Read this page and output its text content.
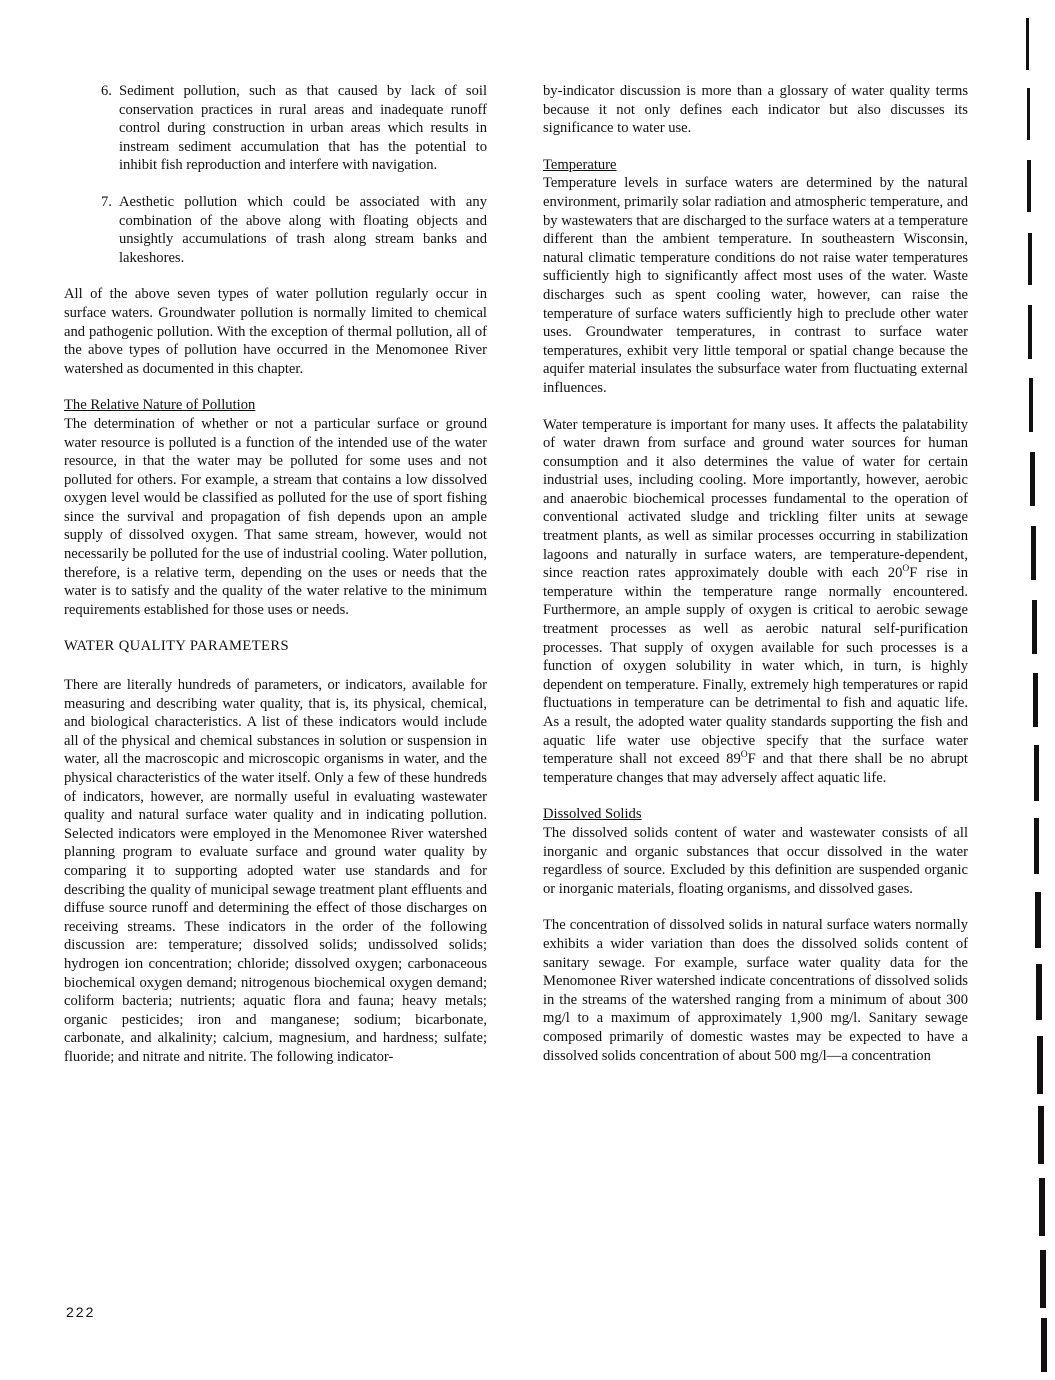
6. Sediment pollution, such as that caused by lack of soil conservation practices in rural areas and inadequate runoff control during construction in urban areas which results in instream sediment accumulation that has the potential to inhibit fish reproduction and interfere with navigation.
7. Aesthetic pollution which could be associated with any combination of the above along with floating objects and unsightly accumulations of trash along stream banks and lakeshores.

All of the above seven types of water pollution regularly occur in surface waters. Groundwater pollution is normally limited to chemical and pathogenic pollution. With the exception of thermal pollution, all of the above types of pollution have occurred in the Menomonee River watershed as documented in this chapter.

The Relative Nature of Pollution
The determination of whether or not a particular surface or ground water resource is polluted is a function of the intended use of the water resource, in that the water may be polluted for some uses and not polluted for others. For example, a stream that contains a low dissolved oxygen level would be classified as polluted for the use of sport fishing since the survival and propagation of fish depends upon an ample supply of dissolved oxygen. That same stream, however, would not necessarily be polluted for the use of industrial cooling. Water pollution, therefore, is a relative term, depending on the uses or needs that the water is to satisfy and the quality of the water relative to the minimum requirements established for those uses or needs.
WATER QUALITY PARAMETERS

There are literally hundreds of parameters, or indicators, available for measuring and describing water quality, that is, its physical, chemical, and biological characteristics. A list of these indicators would include all of the physical and chemical substances in solution or suspension in water, all the macroscopic and microscopic organisms in water, and the physical characteristics of the water itself. Only a few of these hundreds of indicators, however, are normally useful in evaluating wastewater quality and natural surface water quality and in indicating pollution. Selected indicators were employed in the Menomonee River watershed planning program to evaluate surface and ground water quality by comparing it to supporting adopted water use standards and for describing the quality of municipal sewage treatment plant effluents and diffuse source runoff and determining the effect of those discharges on receiving streams. These indicators in the order of the following discussion are: temperature; dissolved solids; undissolved solids; hydrogen ion concentration; chloride; dissolved oxygen; carbonaceous biochemical oxygen demand; nitrogenous biochemical oxygen demand; coliform bacteria; nutrients; aquatic flora and fauna; heavy metals; organic pesticides; iron and manganese; sodium; bicarbonate, carbonate, and alkalinity; calcium, magnesium, and hardness; sulfate; fluoride; and nitrate and nitrite. The following indicator-

by-indicator discussion is more than a glossary of water quality terms because it not only defines each indicator but also discusses its significance to water use.

Temperature
Temperature levels in surface waters are determined by the natural environment, primarily solar radiation and atmospheric temperature, and by wastewaters that are discharged to the surface waters at a temperature different than the ambient temperature. In southeastern Wisconsin, natural climatic temperature conditions do not raise water temperatures sufficiently high to significantly affect most uses of the water. Waste discharges such as spent cooling water, however, can raise the temperature of surface waters sufficiently high to preclude other water uses. Groundwater temperatures, in contrast to surface water temperatures, exhibit very little temporal or spatial change because the aquifer material insulates the subsurface water from fluctuating external influences.

Water temperature is important for many uses. It affects the palatability of water drawn from surface and ground water sources for human consumption and it also determines the value of water for certain industrial uses, including cooling. More importantly, however, aerobic and anaerobic biochemical processes fundamental to the operation of conventional activated sludge and trickling filter units at sewage treatment plants, as well as similar processes occurring in stabilization lagoons and naturally in surface waters, are temperature-dependent, since reaction rates approximately double with each $20^OF$ rise in temperature within the temperature range normally encountered. Furthermore, an ample supply of oxygen is critical to aerobic sewage treatment processes as well as aerobic natural self-purification processes. That supply of oxygen available for such processes is a function of oxygen solubility in water which, in turn, is highly dependent on temperature. Finally, extremely high temperatures or rapid fluctuations in temperature can be detrimental to fish and aquatic life. As a result, the adopted water quality standards supporting the fish and aquatic life water use objective specify that the surface water temperature shall not exceed $89^OF$ and that there shall be no abrupt temperature changes that may adversely affect aquatic life.

Dissolved Solids
The dissolved solids content of water and wastewater consists of all inorganic and organic substances that occur dissolved in the water regardless of source. Excluded by this definition are suspended organic or inorganic materials, floating organisms, and dissolved gases.

The concentration of dissolved solids in natural surface waters normally exhibits a wider variation than does the dissolved solids content of sanitary sewage. For example, surface water quality data for the Menomonee River watershed indicate concentrations of dissolved solids in the streams of the watershed ranging from a minimum of about 300 mg/l to a maximum of approximately 1,900 mg/l. Sanitary sewage composed primarily of domestic wastes may be expected to have a dissolved solids concentration of about 500 mg/l—a concentration

222
